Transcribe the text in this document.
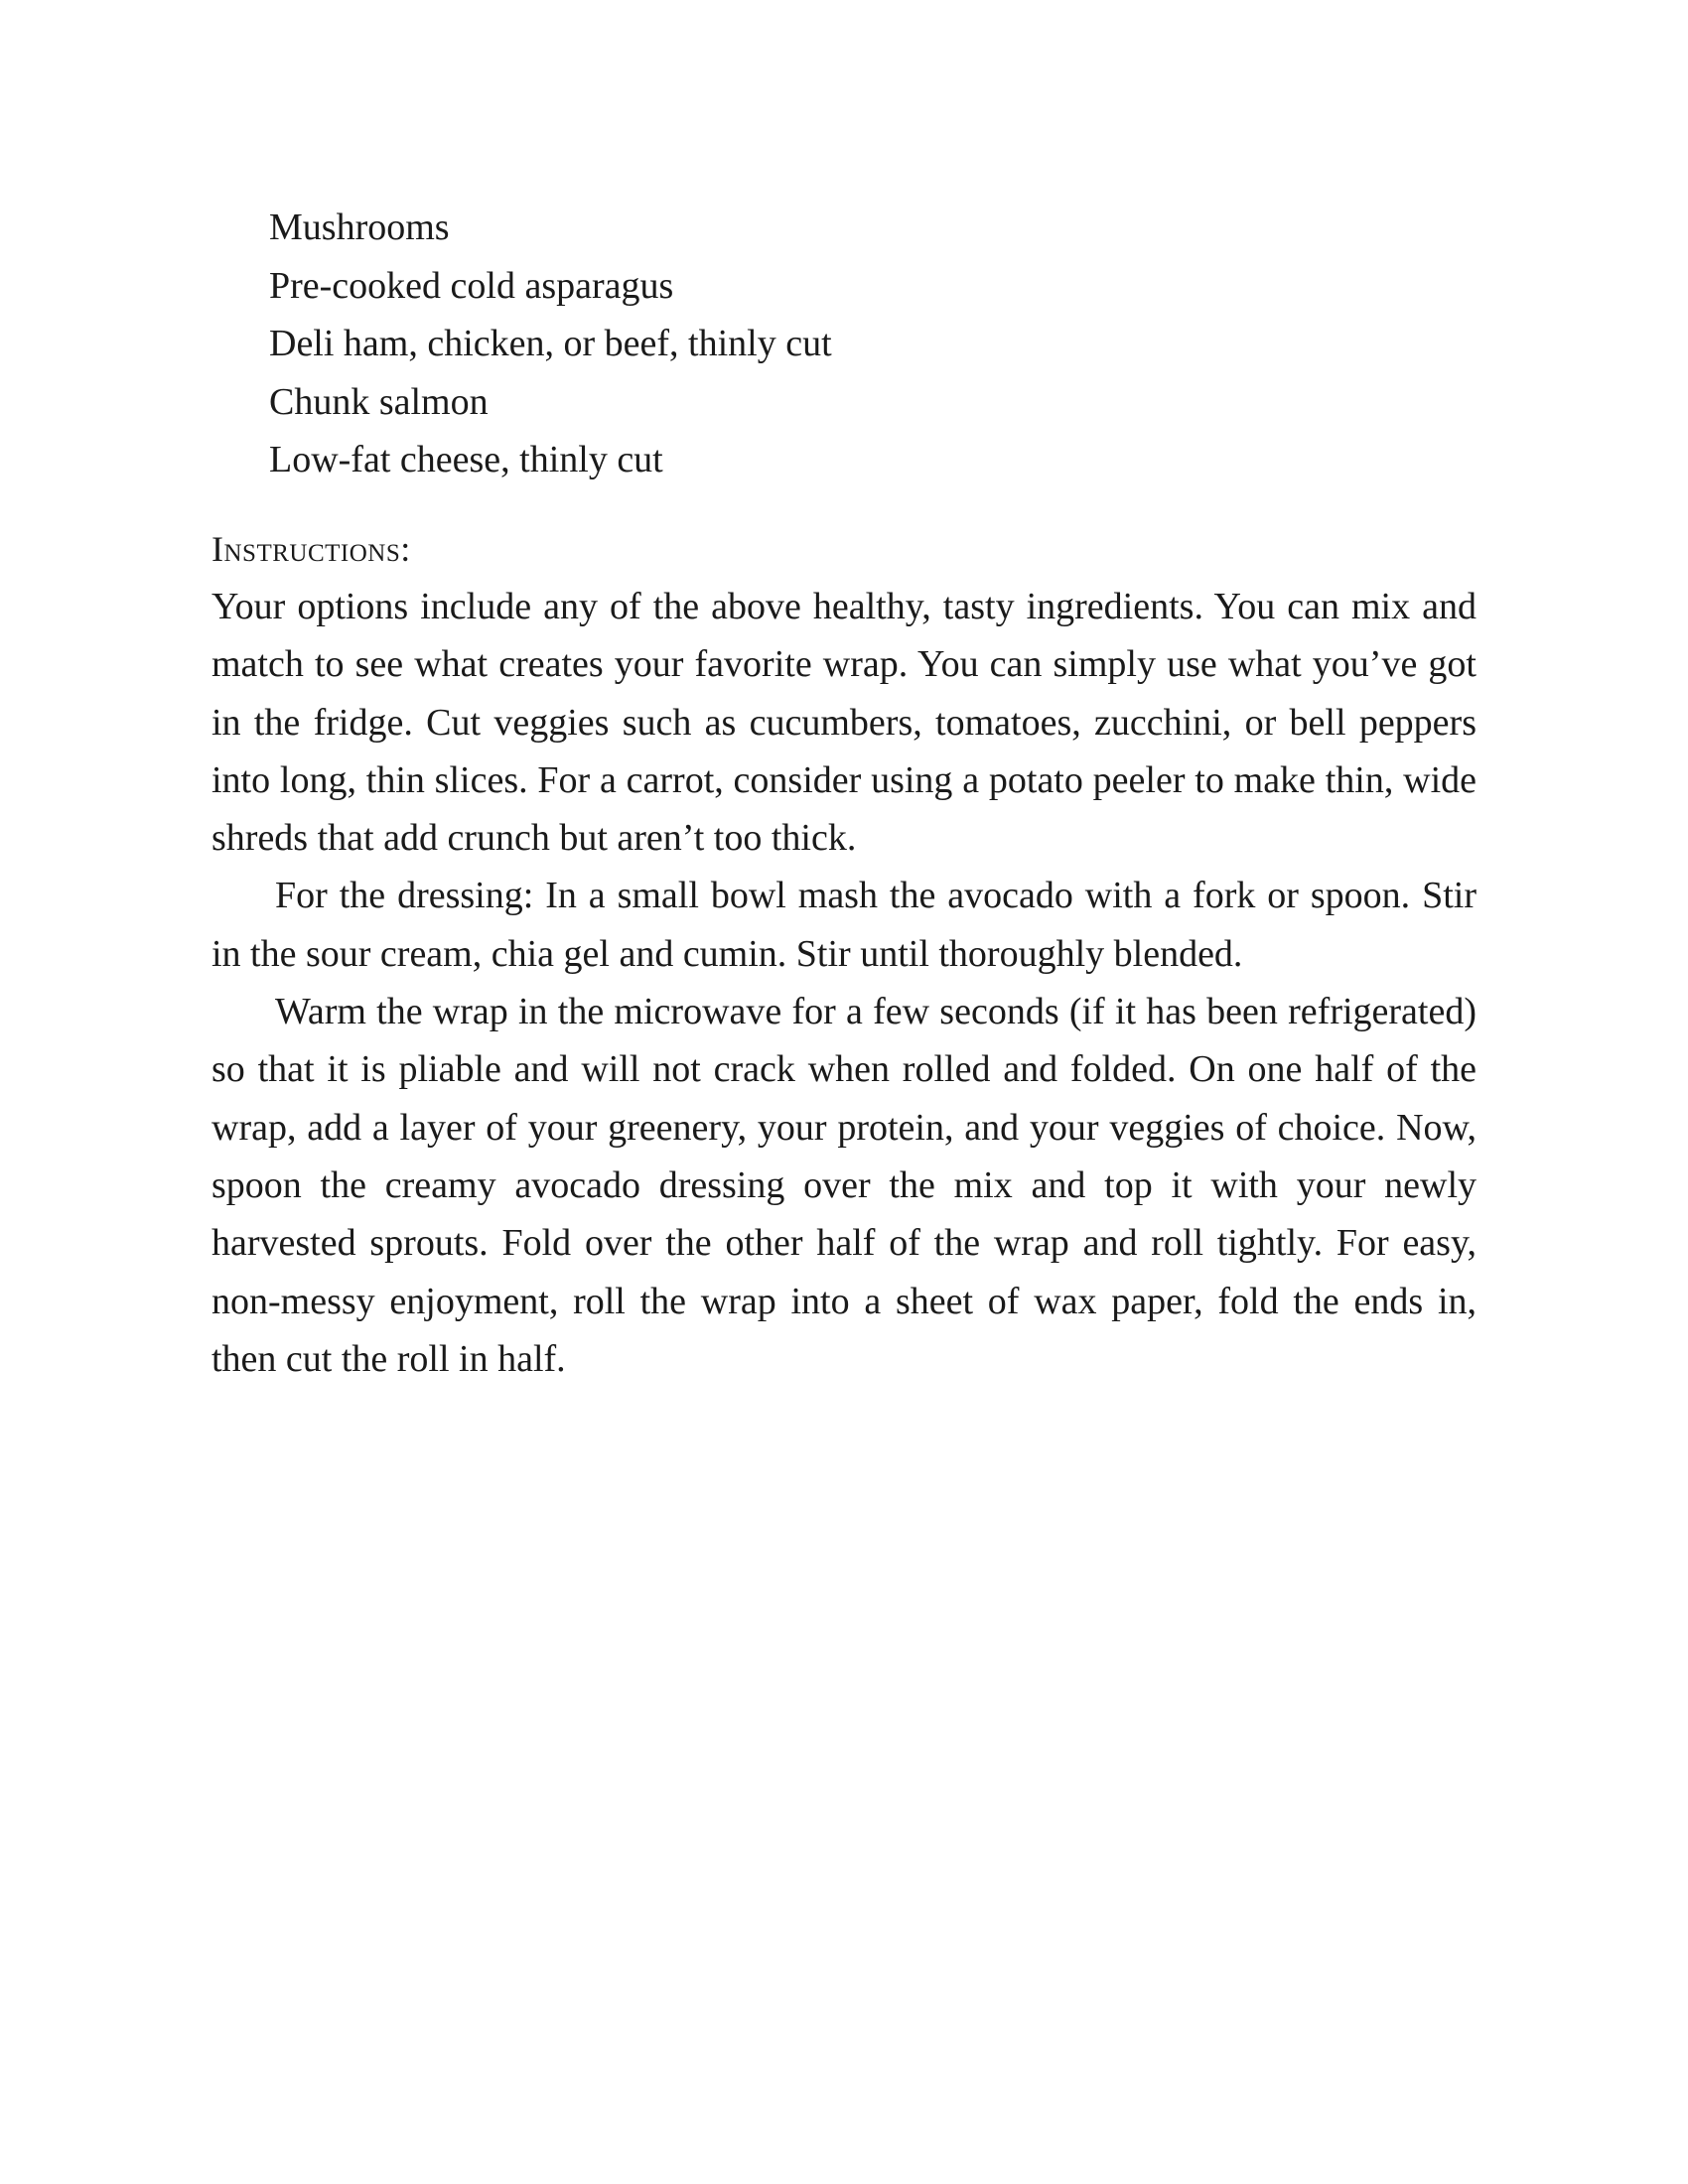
Mushrooms
Pre-cooked cold asparagus
Deli ham, chicken, or beef, thinly cut
Chunk salmon
Low-fat cheese, thinly cut
Instructions:

Your options include any of the above healthy, tasty ingredients. You can mix and match to see what creates your favorite wrap. You can simply use what you’ve got in the fridge. Cut veggies such as cucumbers, tomatoes, zucchini, or bell peppers into long, thin slices. For a carrot, consider using a potato peeler to make thin, wide shreds that add crunch but aren’t too thick.

For the dressing: In a small bowl mash the avocado with a fork or spoon. Stir in the sour cream, chia gel and cumin. Stir until thoroughly blended.

Warm the wrap in the microwave for a few seconds (if it has been refrigerated) so that it is pliable and will not crack when rolled and folded. On one half of the wrap, add a layer of your greenery, your protein, and your veggies of choice. Now, spoon the creamy avocado dressing over the mix and top it with your newly harvested sprouts. Fold over the other half of the wrap and roll tightly. For easy, non-messy enjoyment, roll the wrap into a sheet of wax paper, fold the ends in, then cut the roll in half.
